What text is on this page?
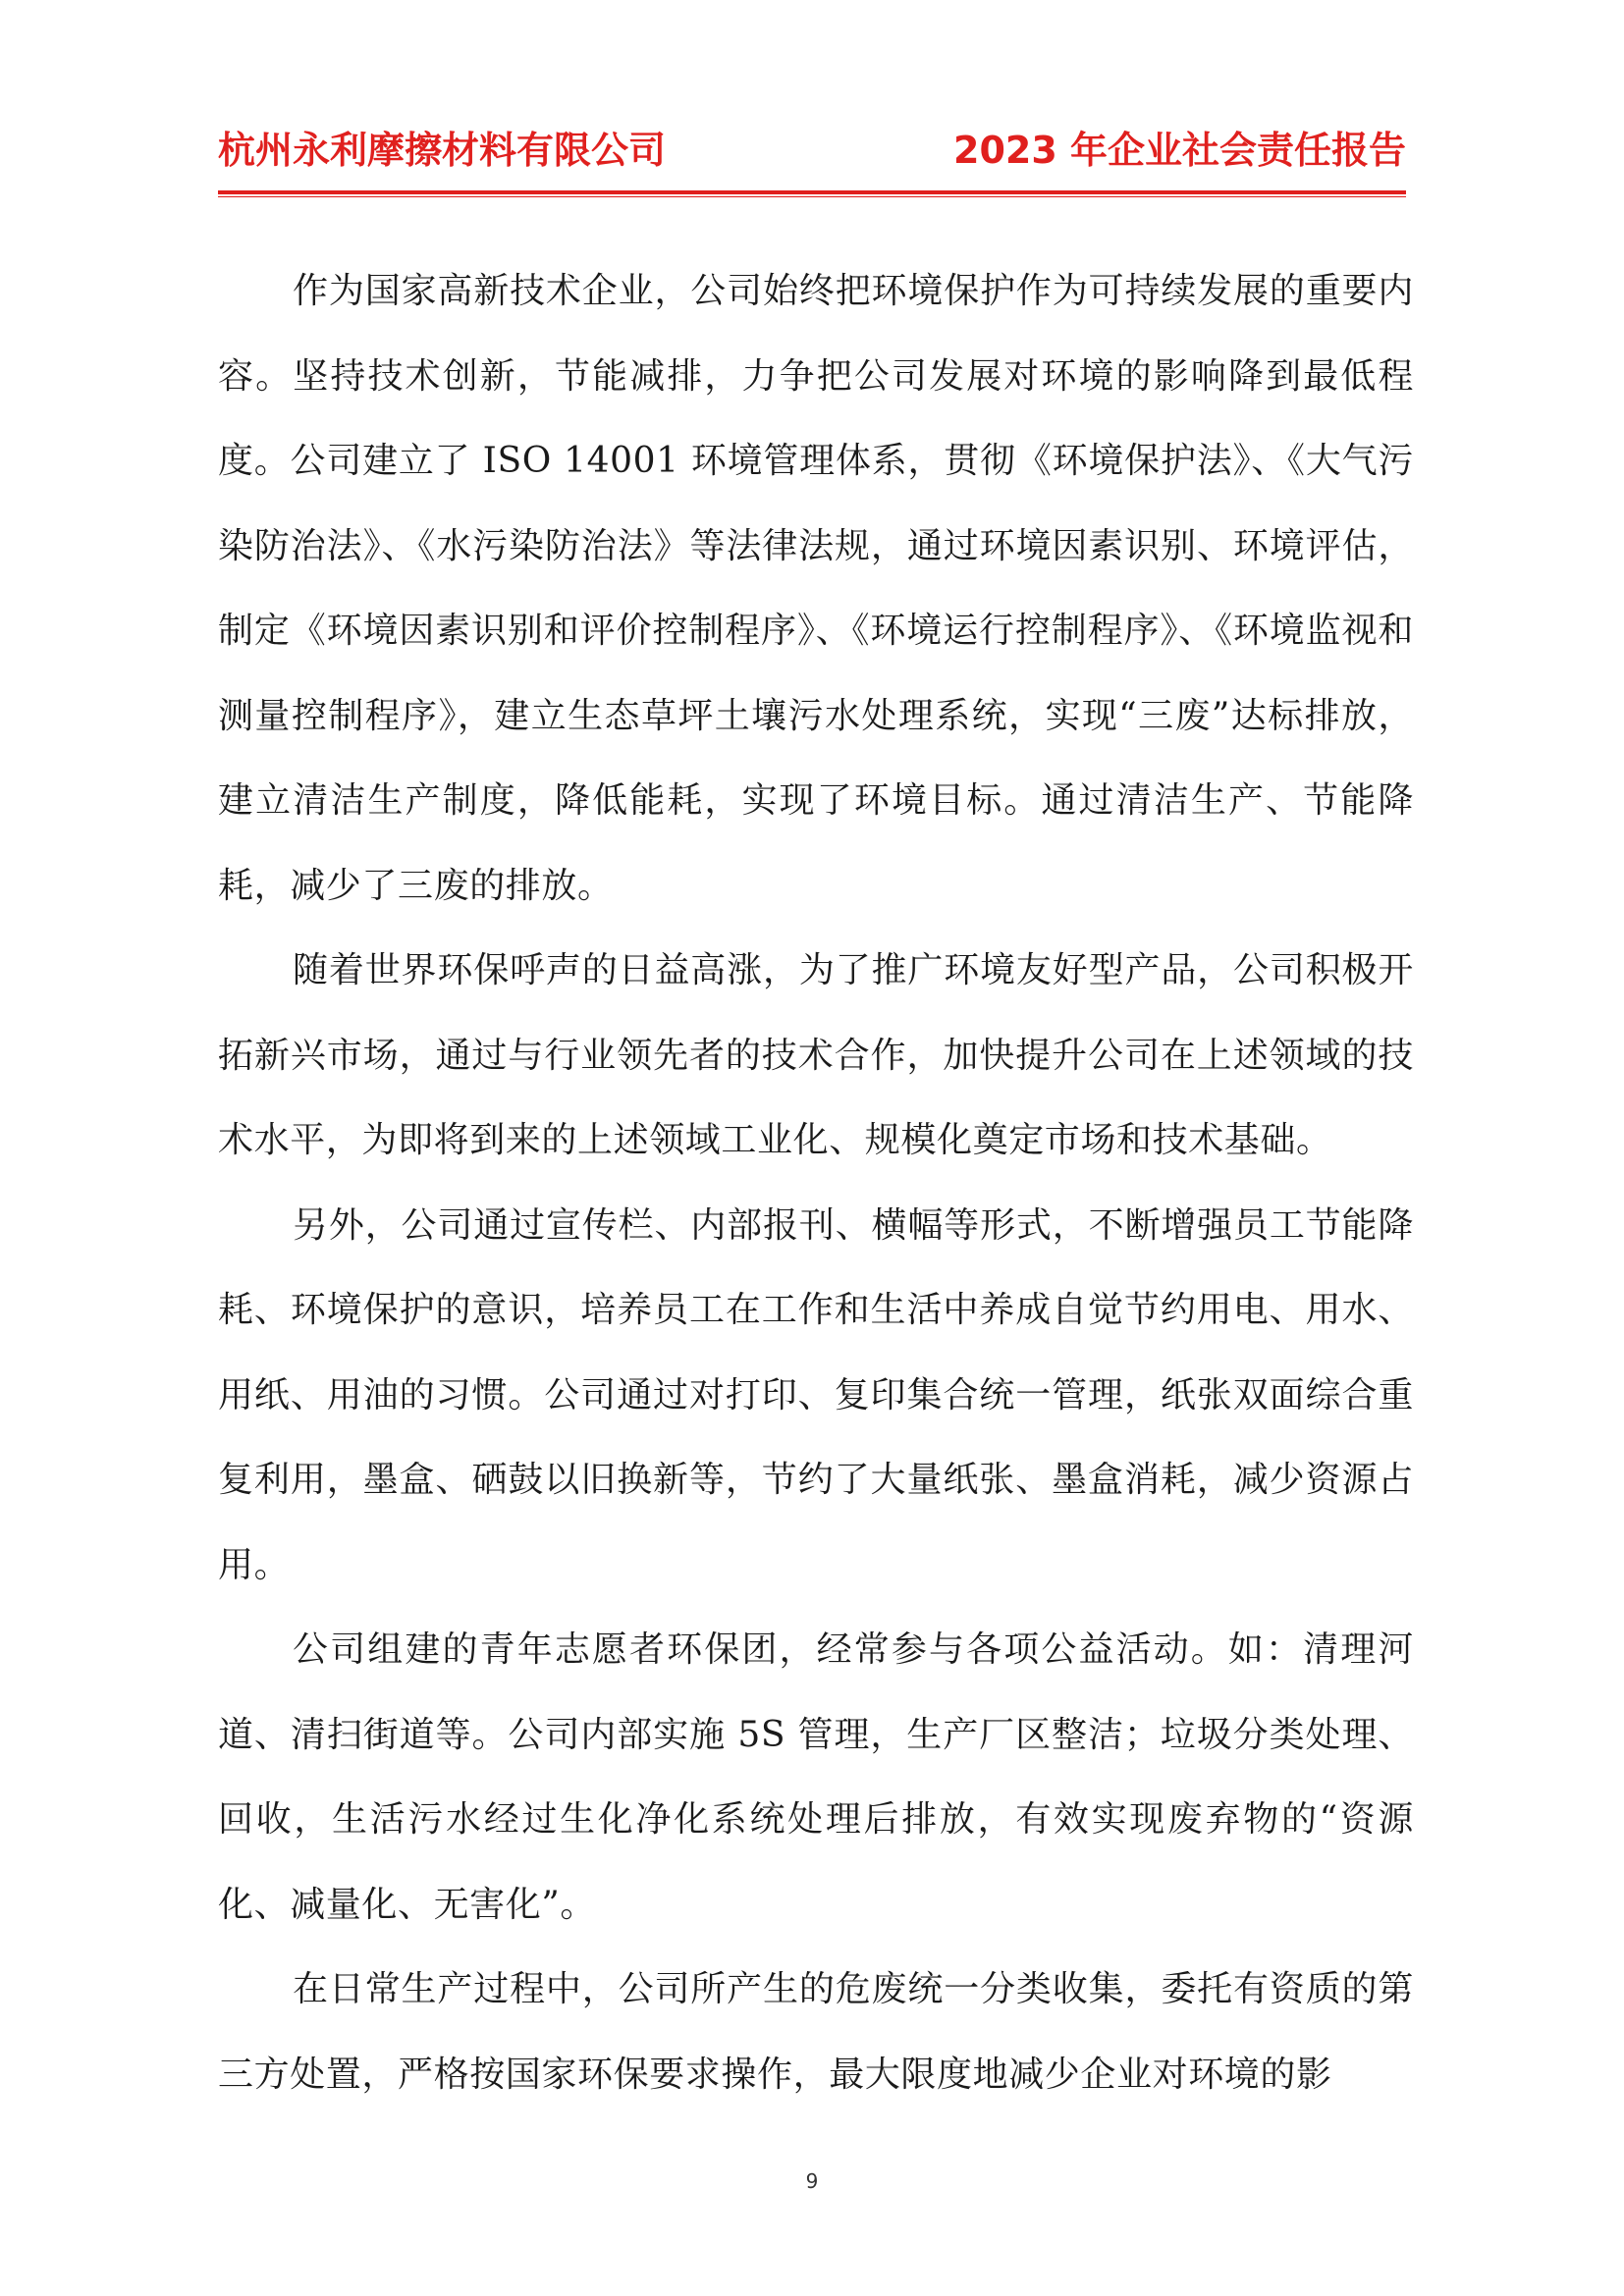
杭州永利摩擦材料有限公司	2023 年企业社会责任报告

作为国家高新技术企业，公司始终把环境保护作为可持续发展的重要内容。坚持技术创新，节能减排，力争把公司发展对环境的影响降到最低程度。公司建立了 ISO 14001 环境管理体系，贯彻《环境保护法》、《大气污染防治法》、《水污染防治法》等法律法规，通过环境因素识别、环境评估，制定《环境因素识别和评价控制程序》、《环境运行控制程序》、《环境监视和测量控制程序》，建立生态草坪土壤污水处理系统，实现“三废”达标排放，建立清洁生产制度，降低能耗，实现了环境目标。通过清洁生产、节能降耗，减少了三废的排放。

随着世界环保呼声的日益高涨，为了推广环境友好型产品，公司积极开拓新兴市场，通过与行业领先者的技术合作，加快提升公司在上述领域的技术水平，为即将到来的上述领域工业化、规模化奠定市场和技术基础。

另外，公司通过宣传栏、内部报刊、横幅等形式，不断增强员工节能降耗、环境保护的意识，培养员工在工作和生活中养成自觉节约用电、用水、用纸、用油的习惯。公司通过对打印、复印集合统一管理，纸张双面综合重复利用，墨盒、硒鼓以旧换新等，节约了大量纸张、墨盒消耗，减少资源占用。

公司组建的青年志愿者环保团，经常参与各项公益活动。如：清理河道、清扫街道等。公司内部实施 5S 管理，生产厂区整洁；垃圾分类处理、回收，生活污水经过生化净化系统处理后排放，有效实现废弃物的“资源化、减量化、无害化”。

在日常生产过程中，公司所产生的危废统一分类收集，委托有资质的第三方处置，严格按国家环保要求操作，最大限度地减少企业对环境的影

9
